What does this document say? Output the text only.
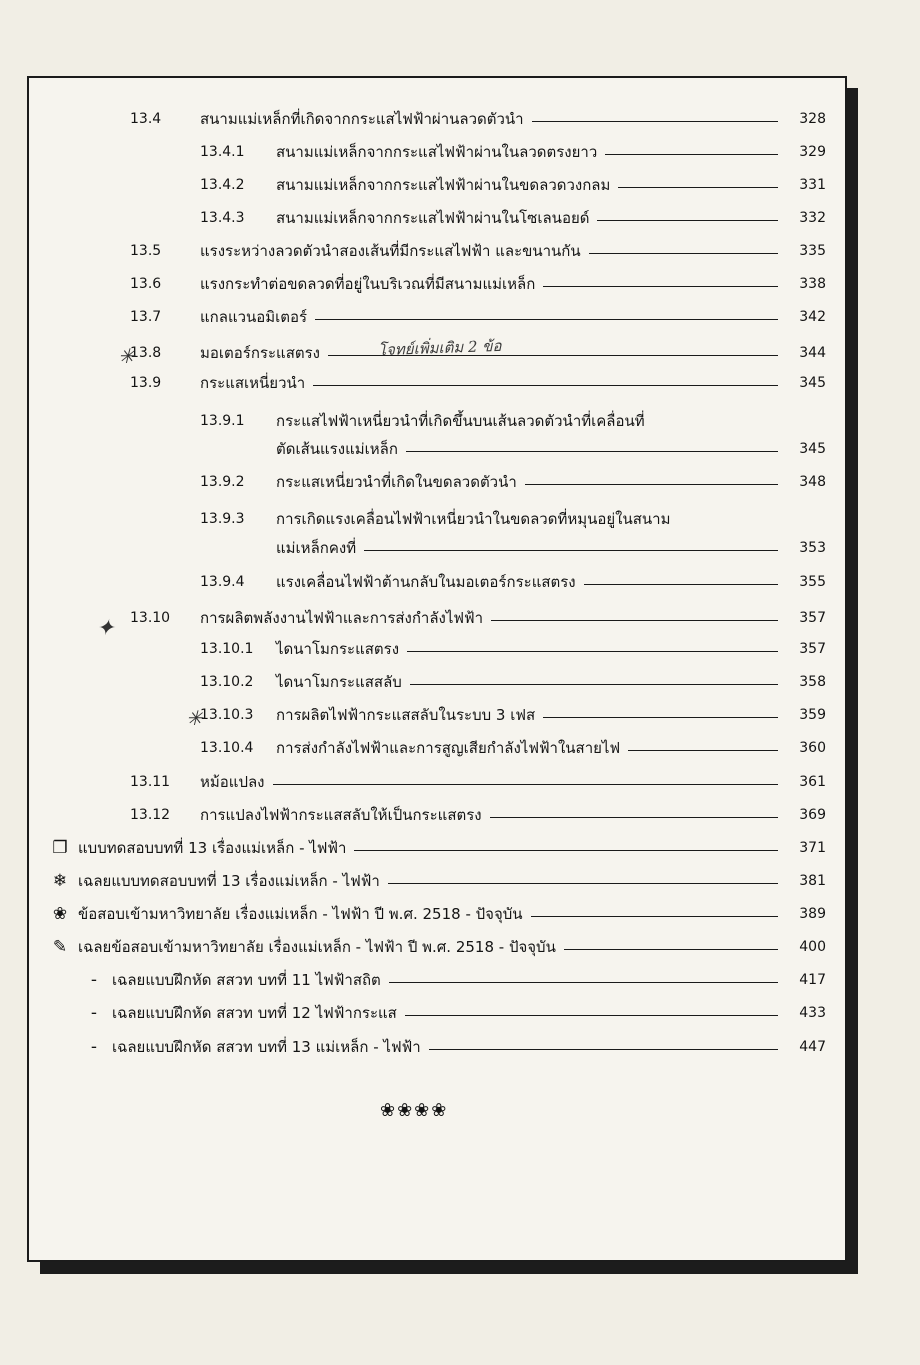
13.4	สนามแม่เหล็กที่เกิดจากกระแสไฟฟ้าผ่านลวดตัวนำ	328
13.4.1 สนามแม่เหล็กจากกระแสไฟฟ้าผ่านในลวดตรงยาว	329
13.4.2 สนามแม่เหล็กจากกระแสไฟฟ้าผ่านในขดลวดวงกลม	331
13.4.3 สนามแม่เหล็กจากกระแสไฟฟ้าผ่านในโซเลนอยด์	332
13.5	แรงระหว่างลวดตัวนำสองเส้นที่มีกระแสไฟฟ้า และขนานกัน	335
13.6	แรงกระทำต่อขดลวดที่อยู่ในบริเวณที่มีสนามแม่เหล็ก	338
13.7	แกลแวนอมิเตอร์	342
13.8	มอเตอร์กระแสตรง	344
13.9	กระแสเหนี่ยวนำ	345
13.9.1 กระแสไฟฟ้าเหนี่ยวนำที่เกิดขึ้นบนเส้นลวดตัวนำที่เคลื่อนที่
ตัดเส้นแรงแม่เหล็ก	345
13.9.2 กระแสเหนี่ยวนำที่เกิดในขดลวดตัวนำ	348
13.9.3 การเกิดแรงเคลื่อนไฟฟ้าเหนี่ยวนำในขดลวดที่หมุนอยู่ในสนาม
แม่เหล็กคงที่	353
13.9.4 แรงเคลื่อนไฟฟ้าต้านกลับในมอเตอร์กระแสตรง	355
13.10 การผลิตพลังงานไฟฟ้าและการส่งกำลังไฟฟ้า	357
13.10.1 ไดนาโมกระแสตรง	357
13.10.2 ไดนาโมกระแสสลับ	358
13.10.3 การผลิตไฟฟ้ากระแสสลับในระบบ 3 เฟส	359
13.10.4 การส่งกำลังไฟฟ้าและการสูญเสียกำลังไฟฟ้าในสายไฟ	360
13.11 หม้อแปลง	361
13.12 การแปลงไฟฟ้ากระแสสลับให้เป็นกระแสตรง	369
❐ แบบทดสอบบทที่ 13 เรื่องแม่เหล็ก - ไฟฟ้า	371
❄ เฉลยแบบทดสอบบทที่ 13 เรื่องแม่เหล็ก - ไฟฟ้า	381
❀ ข้อสอบเข้ามหาวิทยาลัย เรื่องแม่เหล็ก - ไฟฟ้า ปี พ.ศ. 2518 - ปัจจุบัน	389
✎ เฉลยข้อสอบเข้ามหาวิทยาลัย เรื่องแม่เหล็ก - ไฟฟ้า ปี พ.ศ. 2518 - ปัจจุบัน	400
- เฉลยแบบฝึกหัด สสวท บทที่ 11 ไฟฟ้าสถิต	417
- เฉลยแบบฝึกหัด สสวท บทที่ 12 ไฟฟ้ากระแส	433
- เฉลยแบบฝึกหัด สสวท บทที่ 13 แม่เหล็ก - ไฟฟ้า	447
โจทย์เพิ่มเติม 2 ข้อ
✳
✦
✳
❀❀❀❀
